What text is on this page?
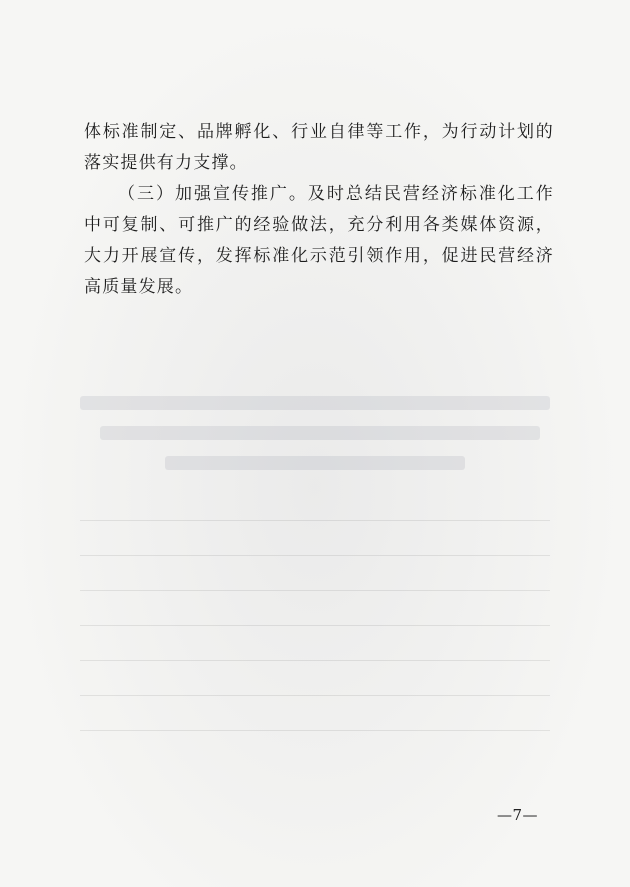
体标准制定、品牌孵化、行业自律等工作，为行动计划的落实提供有力支撑。

（三）加强宣传推广。及时总结民营经济标准化工作中可复制、可推广的经验做法，充分利用各类媒体资源，大力开展宣传，发挥标准化示范引领作用，促进民营经济高质量发展。

—7—
